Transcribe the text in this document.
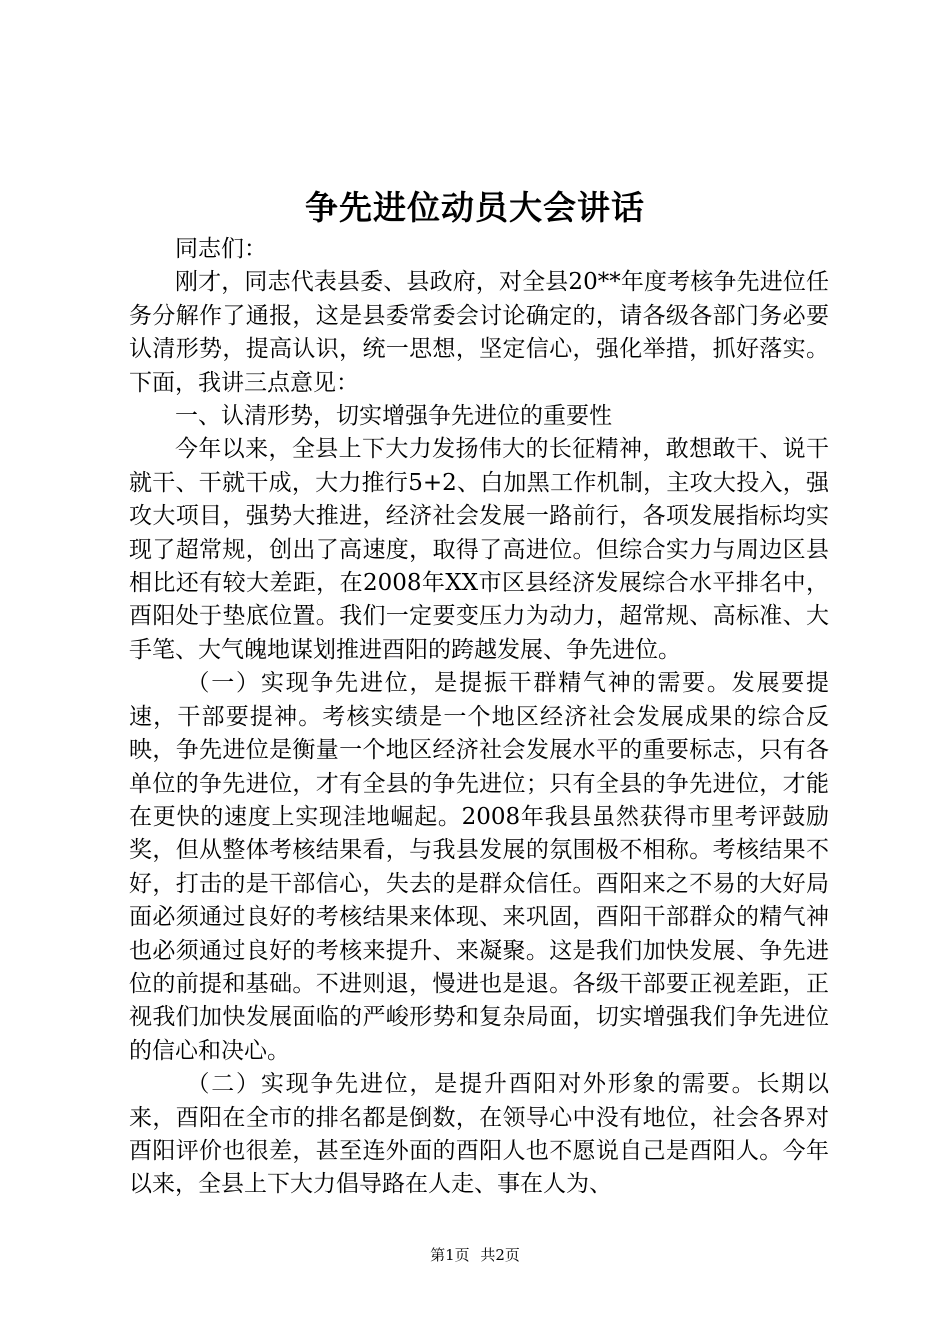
争先进位动员大会讲话

同志们：

刚才，同志代表县委、县政府，对全县20**年度考核争先进位任务分解作了通报，这是县委常委会讨论确定的，请各级各部门务必要认清形势，提高认识，统一思想，坚定信心，强化举措，抓好落实。下面，我讲三点意见：

一、认清形势，切实增强争先进位的重要性

今年以来，全县上下大力发扬伟大的长征精神，敢想敢干、说干就干、干就干成，大力推行5+2、白加黑工作机制，主攻大投入，强攻大项目，强势大推进，经济社会发展一路前行，各项发展指标均实现了超常规，创出了高速度，取得了高进位。但综合实力与周边区县相比还有较大差距，在2008年XX市区县经济发展综合水平排名中，酉阳处于垫底位置。我们一定要变压力为动力，超常规、高标准、大手笔、大气魄地谋划推进酉阳的跨越发展、争先进位。

（一）实现争先进位，是提振干群精气神的需要。发展要提速，干部要提神。考核实绩是一个地区经济社会发展成果的综合反映，争先进位是衡量一个地区经济社会发展水平的重要标志，只有各单位的争先进位，才有全县的争先进位；只有全县的争先进位，才能在更快的速度上实现洼地崛起。2008年我县虽然获得市里考评鼓励奖，但从整体考核结果看，与我县发展的氛围极不相称。考核结果不好，打击的是干部信心，失去的是群众信任。酉阳来之不易的大好局面必须通过良好的考核结果来体现、来巩固，酉阳干部群众的精气神也必须通过良好的考核来提升、来凝聚。这是我们加快发展、争先进位的前提和基础。不进则退，慢进也是退。各级干部要正视差距，正视我们加快发展面临的严峻形势和复杂局面，切实增强我们争先进位的信心和决心。

（二）实现争先进位，是提升酉阳对外形象的需要。长期以来，酉阳在全市的排名都是倒数，在领导心中没有地位，社会各界对酉阳评价也很差，甚至连外面的酉阳人也不愿说自己是酉阳人。今年以来，全县上下大力倡导路在人走、事在人为、

第1页 共2页
